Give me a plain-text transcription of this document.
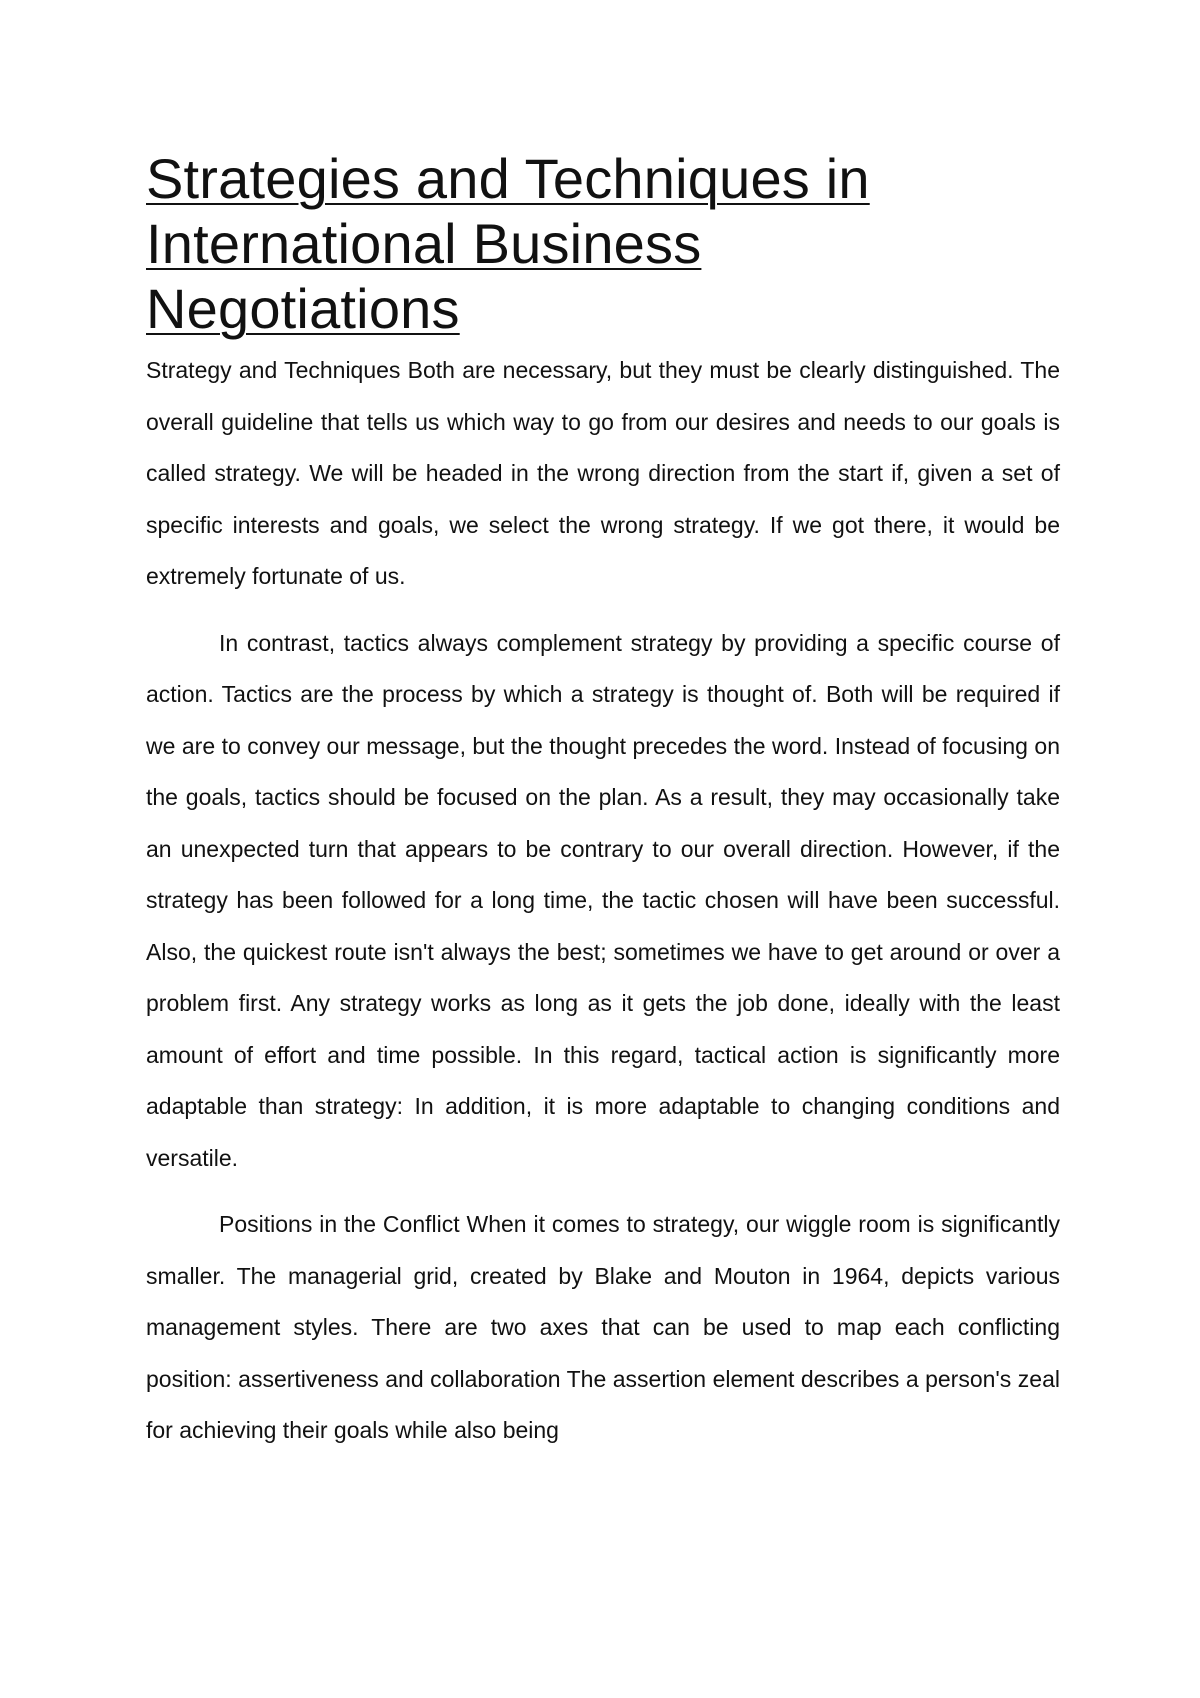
Strategies and Techniques in
International Business
Negotiations

Strategy and Techniques Both are necessary, but they must be clearly distinguished. The overall guideline that tells us which way to go from our desires and needs to our goals is called strategy. We will be headed in the wrong direction from the start if, given a set of specific interests and goals, we select the wrong strategy. If we got there, it would be extremely fortunate of us.

In contrast, tactics always complement strategy by providing a specific course of action. Tactics are the process by which a strategy is thought of. Both will be required if we are to convey our message, but the thought precedes the word. Instead of focusing on the goals, tactics should be focused on the plan. As a result, they may occasionally take an unexpected turn that appears to be contrary to our overall direction. However, if the strategy has been followed for a long time, the tactic chosen will have been successful. Also, the quickest route isn't always the best; sometimes we have to get around or over a problem first. Any strategy works as long as it gets the job done, ideally with the least amount of effort and time possible. In this regard, tactical action is significantly more adaptable than strategy: In addition, it is more adaptable to changing conditions and versatile.

Positions in the Conflict When it comes to strategy, our wiggle room is significantly smaller. The managerial grid, created by Blake and Mouton in 1964, depicts various management styles. There are two axes that can be used to map each conflicting position: assertiveness and collaboration The assertion element describes a person's zeal for achieving their goals while also being
